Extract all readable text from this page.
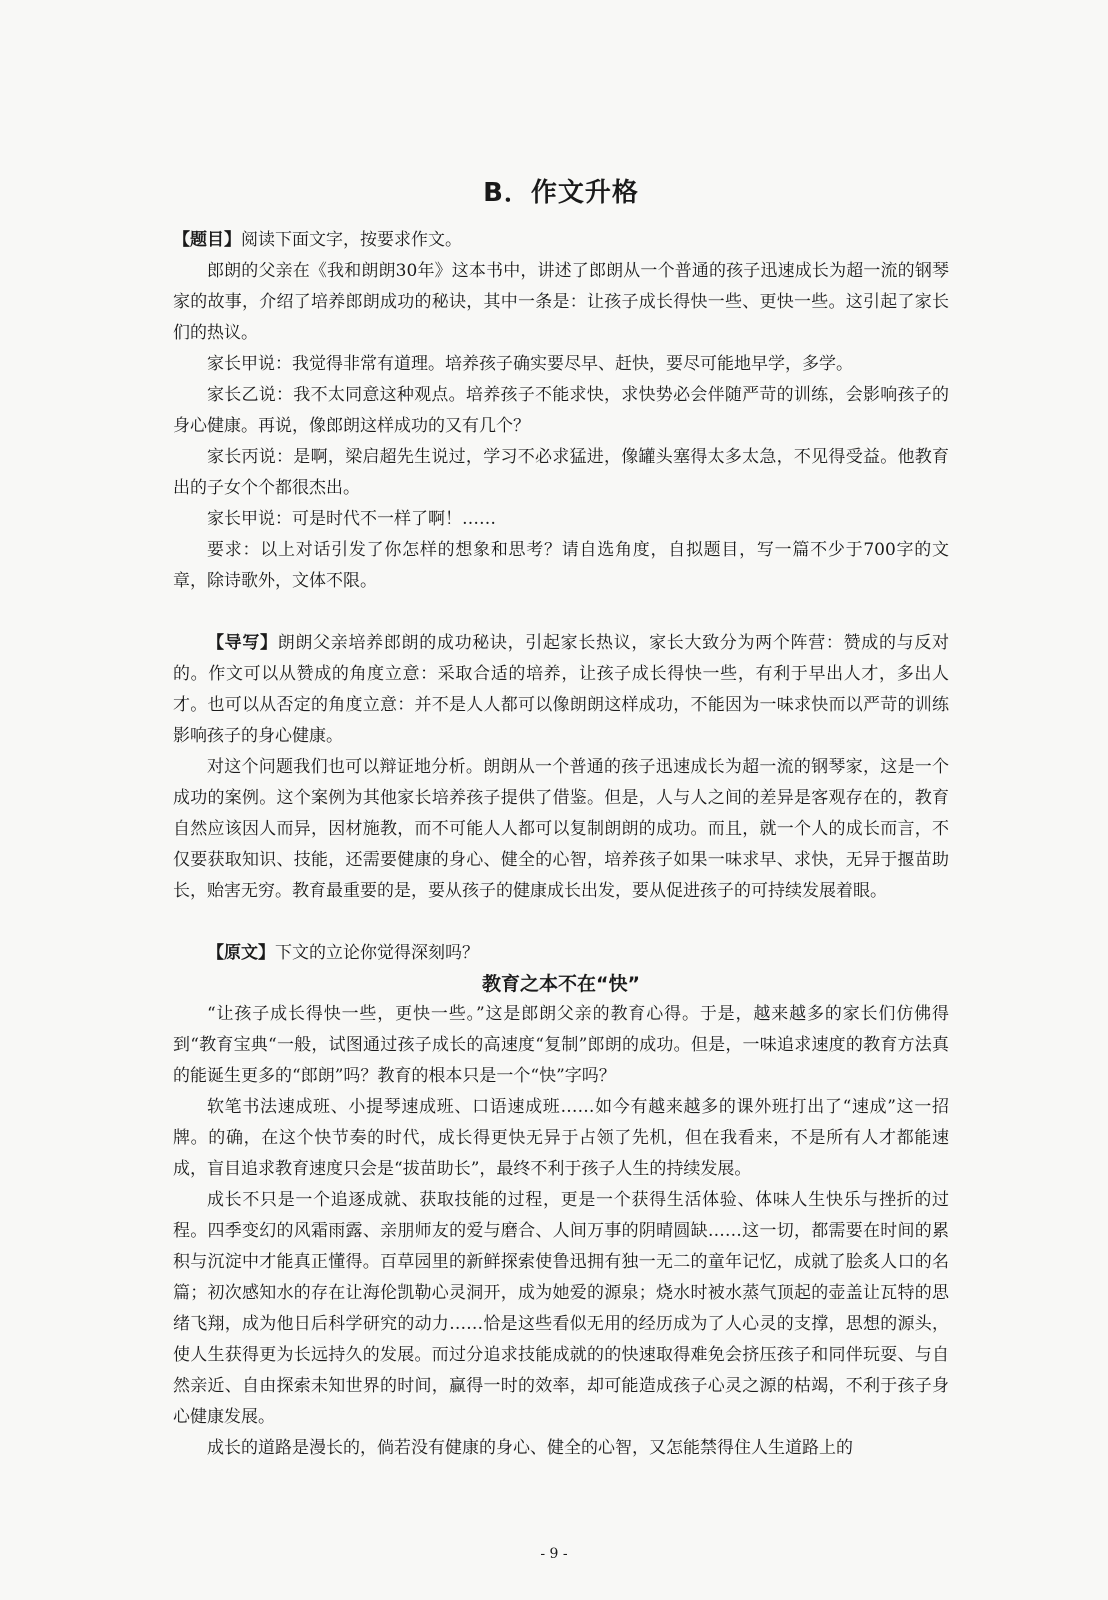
B．作文升格

【题目】阅读下面文字，按要求作文。

郎朗的父亲在《我和朗朗30年》这本书中，讲述了郎朗从一个普通的孩子迅速成长为超一流的钢琴家的故事，介绍了培养郎朗成功的秘诀，其中一条是：让孩子成长得快一些、更快一些。这引起了家长们的热议。

家长甲说：我觉得非常有道理。培养孩子确实要尽早、赶快，要尽可能地早学，多学。

家长乙说：我不太同意这种观点。培养孩子不能求快，求快势必会伴随严苛的训练，会影响孩子的身心健康。再说，像郎朗这样成功的又有几个？

家长丙说：是啊，梁启超先生说过，学习不必求猛进，像罐头塞得太多太急，不见得受益。他教育出的子女个个都很杰出。

家长甲说：可是时代不一样了啊！……

要求：以上对话引发了你怎样的想象和思考？请自选角度，自拟题目，写一篇不少于700字的文章，除诗歌外，文体不限。

【导写】朗朗父亲培养郎朗的成功秘诀，引起家长热议，家长大致分为两个阵营：赞成的与反对的。作文可以从赞成的角度立意：采取合适的培养，让孩子成长得快一些，有利于早出人才，多出人才。也可以从否定的角度立意：并不是人人都可以像朗朗这样成功，不能因为一味求快而以严苛的训练影响孩子的身心健康。

对这个问题我们也可以辩证地分析。朗朗从一个普通的孩子迅速成长为超一流的钢琴家，这是一个成功的案例。这个案例为其他家长培养孩子提供了借鉴。但是，人与人之间的差异是客观存在的，教育自然应该因人而异，因材施教，而不可能人人都可以复制朗朗的成功。而且，就一个人的成长而言，不仅要获取知识、技能，还需要健康的身心、健全的心智，培养孩子如果一味求早、求快，无异于揠苗助长，贻害无穷。教育最重要的是，要从孩子的健康成长出发，要从促进孩子的可持续发展着眼。

【原文】下文的立论你觉得深刻吗？

教育之本不在“快”

“让孩子成长得快一些，更快一些。”这是郎朗父亲的教育心得。于是，越来越多的家长们仿佛得到“教育宝典“一般，试图通过孩子成长的高速度“复制”郎朗的成功。但是，一味追求速度的教育方法真的能诞生更多的“郎朗”吗？教育的根本只是一个“快”字吗？

软笔书法速成班、小提琴速成班、口语速成班……如今有越来越多的课外班打出了“速成”这一招牌。的确，在这个快节奏的时代，成长得更快无异于占领了先机，但在我看来，不是所有人才都能速成，盲目追求教育速度只会是“拔苗助长”，最终不利于孩子人生的持续发展。

成长不只是一个追逐成就、获取技能的过程，更是一个获得生活体验、体味人生快乐与挫折的过程。四季变幻的风霜雨露、亲朋师友的爱与磨合、人间万事的阴晴圆缺……这一切，都需要在时间的累积与沉淀中才能真正懂得。百草园里的新鲜探索使鲁迅拥有独一无二的童年记忆，成就了脍炙人口的名篇；初次感知水的存在让海伦凯勒心灵洞开，成为她爱的源泉；烧水时被水蒸气顶起的壶盖让瓦特的思绪飞翔，成为他日后科学研究的动力……恰是这些看似无用的经历成为了人心灵的支撑，思想的源头，使人生获得更为长远持久的发展。而过分追求技能成就的的快速取得难免会挤压孩子和同伴玩耍、与自然亲近、自由探索未知世界的时间，赢得一时的效率，却可能造成孩子心灵之源的枯竭，不利于孩子身心健康发展。

成长的道路是漫长的，倘若没有健康的身心、健全的心智，又怎能禁得住人生道路上的

- 9 -
